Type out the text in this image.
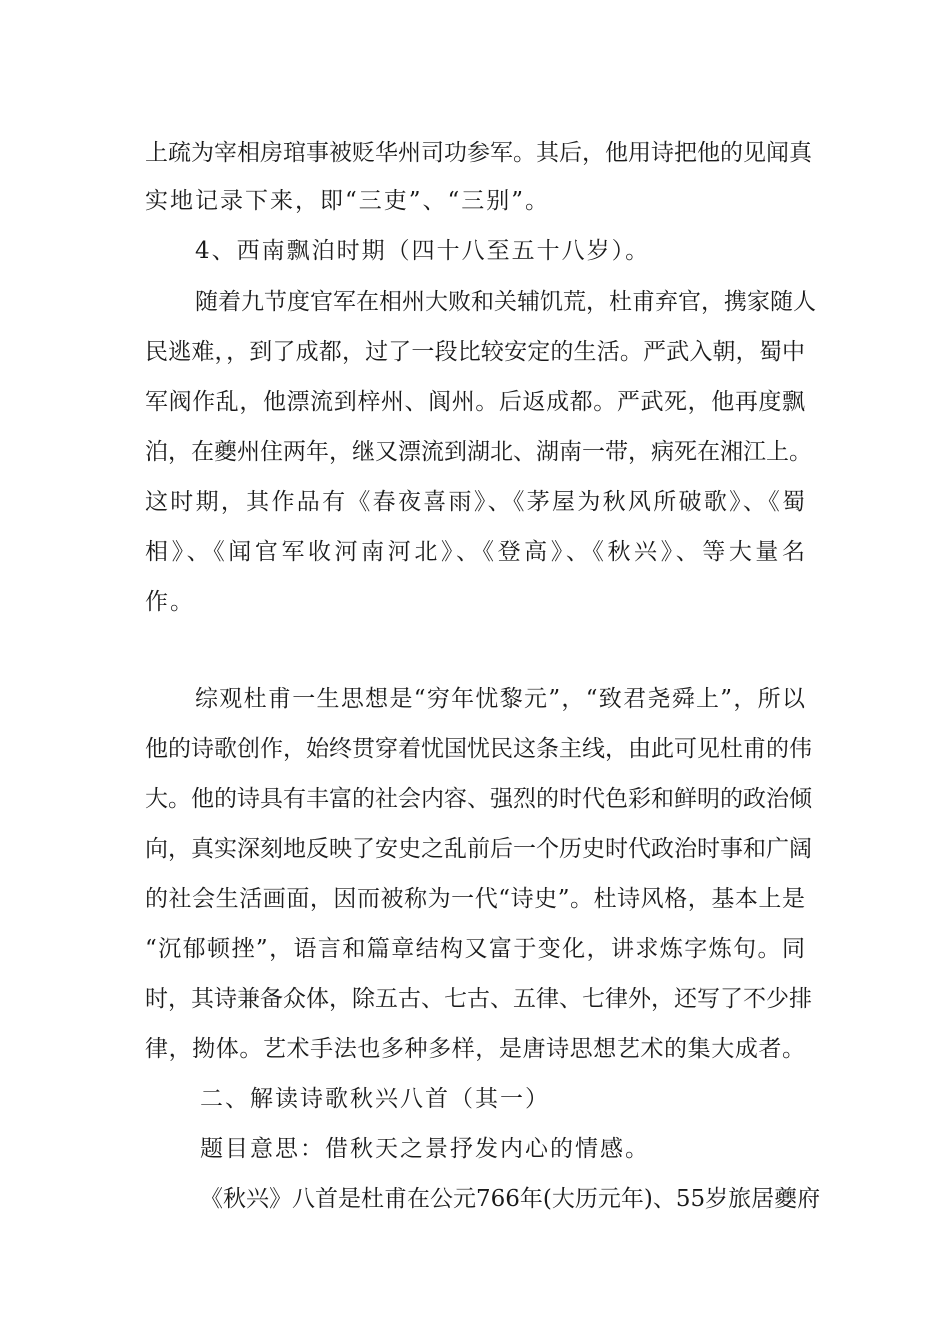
上疏为宰相房琯事被贬华州司功参军。其后，他用诗把他的见闻真
实地记录下来，即“三吏”、“三别”。
4、西南飘泊时期（四十八至五十八岁）。
随着九节度官军在相州大败和关辅饥荒，杜甫弃官，携家随人
民逃难，，到了成都，过了一段比较安定的生活。严武入朝，蜀中
军阀作乱，他漂流到梓州、阆州。后返成都。严武死，他再度飘
泊，在夔州住两年，继又漂流到湖北、湖南一带，病死在湘江上。
这时期，其作品有《春夜喜雨》、《茅屋为秋风所破歌》、《蜀
相》、《闻官军收河南河北》、《登高》、《秋兴》、等大量名
作。
综观杜甫一生思想是“穷年忧黎元”，“致君尧舜上”，所以
他的诗歌创作，始终贯穿着忧国忧民这条主线，由此可见杜甫的伟
大。他的诗具有丰富的社会内容、强烈的时代色彩和鲜明的政治倾
向，真实深刻地反映了安史之乱前后一个历史时代政治时事和广阔
的社会生活画面，因而被称为一代“诗史”。杜诗风格，基本上是
“沉郁顿挫”，语言和篇章结构又富于变化，讲求炼字炼句。同
时，其诗兼备众体，除五古、七古、五律、七律外，还写了不少排
律，拗体。艺术手法也多种多样，是唐诗思想艺术的集大成者。
二、解读诗歌秋兴八首（其一）
题目意思：借秋天之景抒发内心的情感。
《秋兴》八首是杜甫在公元766年(大历元年)、55岁旅居夔府
